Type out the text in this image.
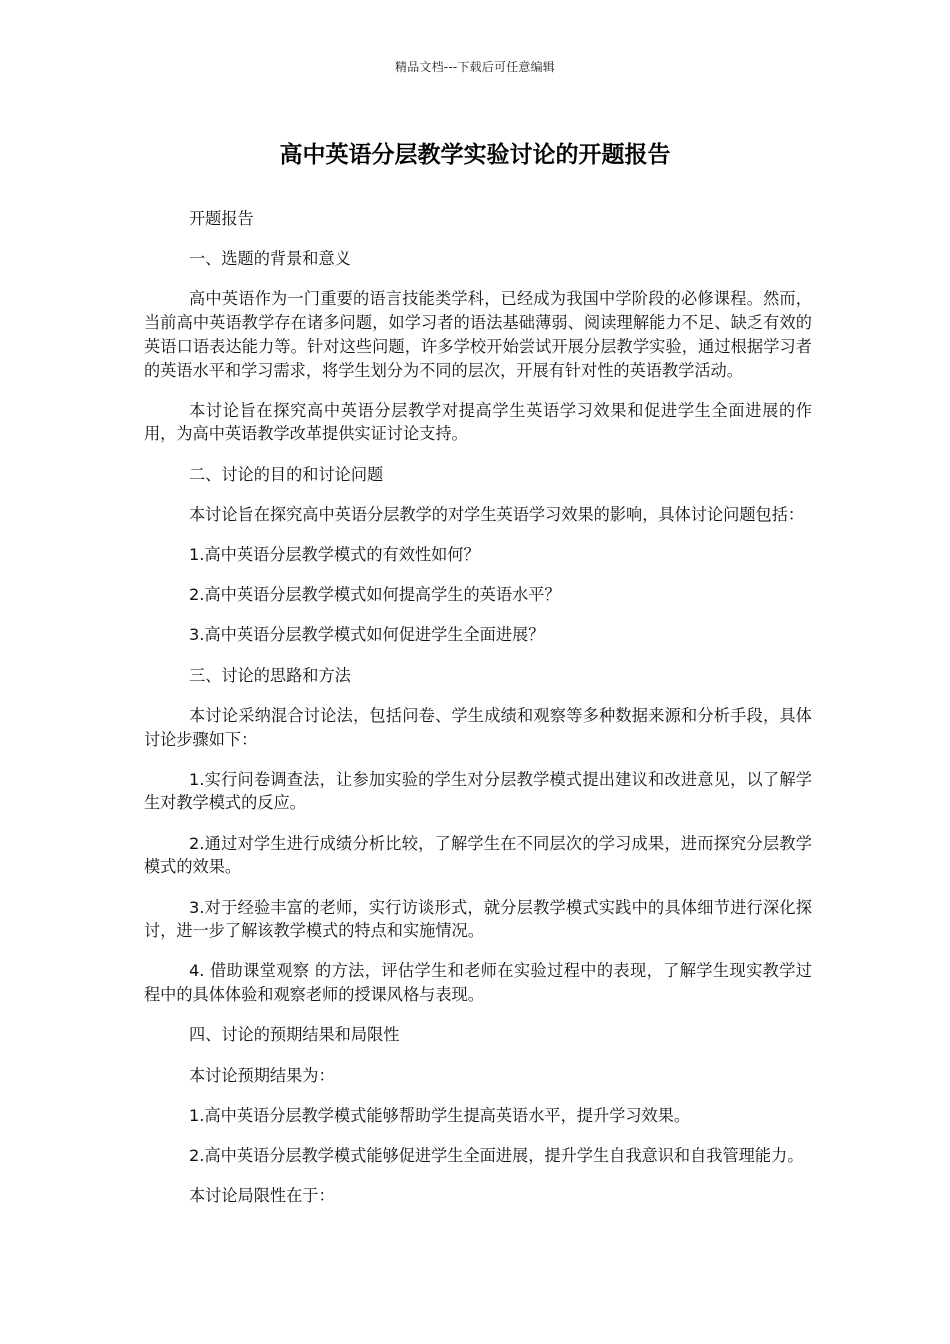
精品文档---下载后可任意编辑
高中英语分层教学实验讨论的开题报告

开题报告

一、选题的背景和意义

高中英语作为一门重要的语言技能类学科，已经成为我国中学阶段的必修课程。然而，当前高中英语教学存在诸多问题，如学习者的语法基础薄弱、阅读理解能力不足、缺乏有效的英语口语表达能力等。针对这些问题，许多学校开始尝试开展分层教学实验，通过根据学习者的英语水平和学习需求，将学生划分为不同的层次，开展有针对性的英语教学活动。

本讨论旨在探究高中英语分层教学对提高学生英语学习效果和促进学生全面进展的作用，为高中英语教学改革提供实证讨论支持。

二、讨论的目的和讨论问题

本讨论旨在探究高中英语分层教学的对学生英语学习效果的影响，具体讨论问题包括：

1.高中英语分层教学模式的有效性如何？

2.高中英语分层教学模式如何提高学生的英语水平？

3.高中英语分层教学模式如何促进学生全面进展？

三、讨论的思路和方法

本讨论采纳混合讨论法，包括问卷、学生成绩和观察等多种数据来源和分析手段，具体讨论步骤如下：

1.实行问卷调查法，让参加实验的学生对分层教学模式提出建议和改进意见，以了解学生对教学模式的反应。

2.通过对学生进行成绩分析比较，了解学生在不同层次的学习成果，进而探究分层教学模式的效果。

3.对于经验丰富的老师，实行访谈形式，就分层教学模式实践中的具体细节进行深化探讨，进一步了解该教学模式的特点和实施情况。

4. 借助课堂观察 的方法，评估学生和老师在实验过程中的表现，了解学生现实教学过程中的具体体验和观察老师的授课风格与表现。

四、讨论的预期结果和局限性

本讨论预期结果为：

1.高中英语分层教学模式能够帮助学生提高英语水平，提升学习效果。

2.高中英语分层教学模式能够促进学生全面进展，提升学生自我意识和自我管理能力。

本讨论局限性在于：
